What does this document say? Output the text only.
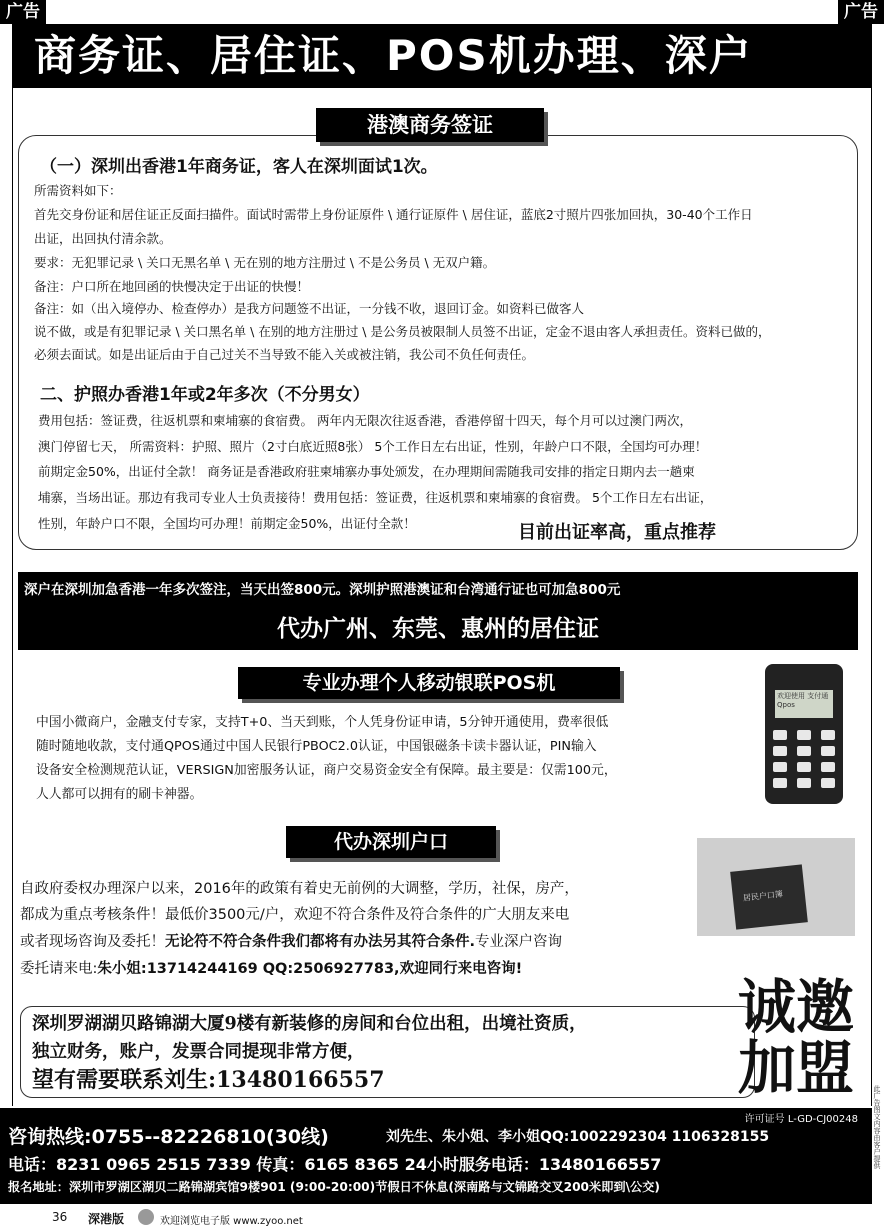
广告	广告
商务证、居住证、POS机办理、深户
港澳商务签证
（一）深圳出香港1年商务证，客人在深圳面试1次。
所需资料如下：
首先交身份证和居住证正反面扫描件。面试时需带上身份证原件 \ 通行证原件 \ 居住证，蓝底2寸照片四张加回执，30-40个工作日
出证，出回执付清余款。
要求：无犯罪记录 \ 关口无黑名单 \ 无在别的地方注册过 \ 不是公务员 \ 无双户籍。
备注：户口所在地回函的快慢决定于出证的快慢！
备注：如（出入境停办、检查停办）是我方问题签不出证，一分钱不收，退回订金。如资料已做客人
说不做，或是有犯罪记录 \ 关口黑名单 \ 在别的地方注册过 \ 是公务员被限制人员签不出证，定金不退由客人承担责任。资料已做的，
必须去面试。如是出证后由于自己过关不当导致不能入关或被注销，我公司不负任何责任。
二、护照办香港1年或2年多次（不分男女）
费用包括：签证费，往返机票和柬埔寨的食宿费。 两年内无限次往返香港，香港停留十四天，每个月可以过澳门两次，
澳门停留七天， 所需资料：护照、照片（2寸白底近照8张） 5个工作日左右出证，性别，年龄户口不限，全国均可办理！
前期定金50%，出证付全款！ 商务证是香港政府驻柬埔寨办事处颁发，在办理期间需随我司安排的指定日期内去一趟柬
埔寨，当场出证。那边有我司专业人士负责接待！费用包括：签证费，往返机票和柬埔寨的食宿费。 5个工作日左右出证，
性别，年龄户口不限，全国均可办理！前期定金50%，出证付全款！	目前出证率高，重点推荐
深户在深圳加急香港一年多次签注，当天出签800元。深圳护照港澳证和台湾通行证也可加急800元
代办广州、东莞、惠州的居住证
专业办理个人移动银联POS机
中国小微商户，金融支付专家，支持T+0、当天到账，个人凭身份证申请，5分钟开通使用，费率很低
随时随地收款，支付通QPOS通过中国人民银行PBOC2.0认证，中国银磁条卡读卡器认证，PIN输入
设备安全检测规范认证，VERSIGN加密服务认证，商户交易资金安全有保障。最主要是：仅需100元，
人人都可以拥有的刷卡神器。
欢迎使用 支付通Qpos
代办深圳户口
居民户口簿
自政府委权办理深户以来，2016年的政策有着史无前例的大调整，学历，社保，房产，
都成为重点考核条件！最低价3500元/户，欢迎不符合条件及符合条件的广大朋友来电
或者现场咨询及委托！无论符不符合条件我们都将有办法另其符合条件.专业深户咨询
委托请来电:朱小姐:13714244169 QQ:2506927783,欢迎同行来电咨询!
深圳罗湖湖贝路锦湖大厦9楼有新装修的房间和台位出租，出境社资质，
独立财务，账户，发票合同提现非常方便，
望有需要联系刘生:13480166557
诚邀
加盟
许可证号 L-GD-CJ00248
咨询热线:0755--82226810(30线)	刘先生、朱小姐、李小姐QQ:1002292304 1106328155
电话：8231 0965 2515 7339 传真：6165 8365 24小时服务电话：13480166557
报名地址：深圳市罗湖区湖贝二路锦湖宾馆9楼901 (9:00-20:00)节假日不休息(深南路与文锦路交叉200米即到\公交)
此广告图文内容由客户提供
36 深港版	欢迎浏览电子版 www.zyoo.net
